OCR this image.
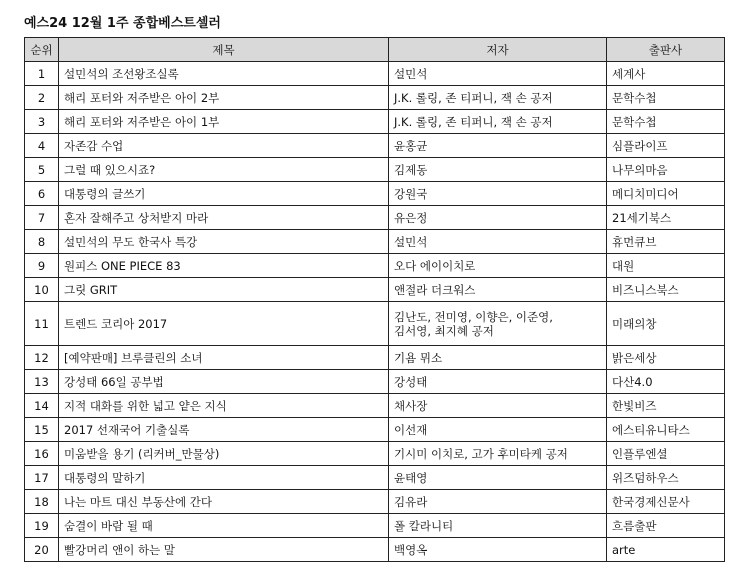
예스24 12월 1주 종합베스트셀러
순위	제목	저자	출판사
1	설민석의 조선왕조실록	설민석	세계사
2	해리 포터와 저주받은 아이 2부	J.K. 롤링, 존 티퍼니, 잭 손 공저	문학수첩
3	해리 포터와 저주받은 아이 1부	J.K. 롤링, 존 티퍼니, 잭 손 공저	문학수첩
4	자존감 수업	윤홍균	심플라이프
5	그럴 때 있으시죠?	김제동	나무의마음
6	대통령의 글쓰기	강원국	메디치미디어
7	혼자 잘해주고 상처받지 마라	유은정	21세기북스
8	설민석의 무도 한국사 특강	설민석	휴먼큐브
9	원피스 ONE PIECE 83	오다 에이이치로	대원
10	그릿 GRIT	앤절라 더크워스	비즈니스북스
11	트렌드 코리아 2017	김난도, 전미영, 이향은, 이준영,
김서영, 최지혜 공저	미래의창
12	[예약판매] 브루클린의 소녀	기욤 뮈소	밝은세상
13	강성태 66일 공부법	강성태	다산4.0
14	지적 대화를 위한 넓고 얕은 지식	채사장	한빛비즈
15	2017 선재국어 기출실록	이선재	에스티유니타스
16	미움받을 용기 (리커버_만물상)	기시미 이치로, 고가 후미타케 공저	인플루엔셜
17	대통령의 말하기	윤태영	위즈덤하우스
18	나는 마트 대신 부동산에 간다	김유라	한국경제신문사
19	숨결이 바람 될 때	폴 칼라니티	흐름출판
20	빨강머리 앤이 하는 말	백영옥	arte
